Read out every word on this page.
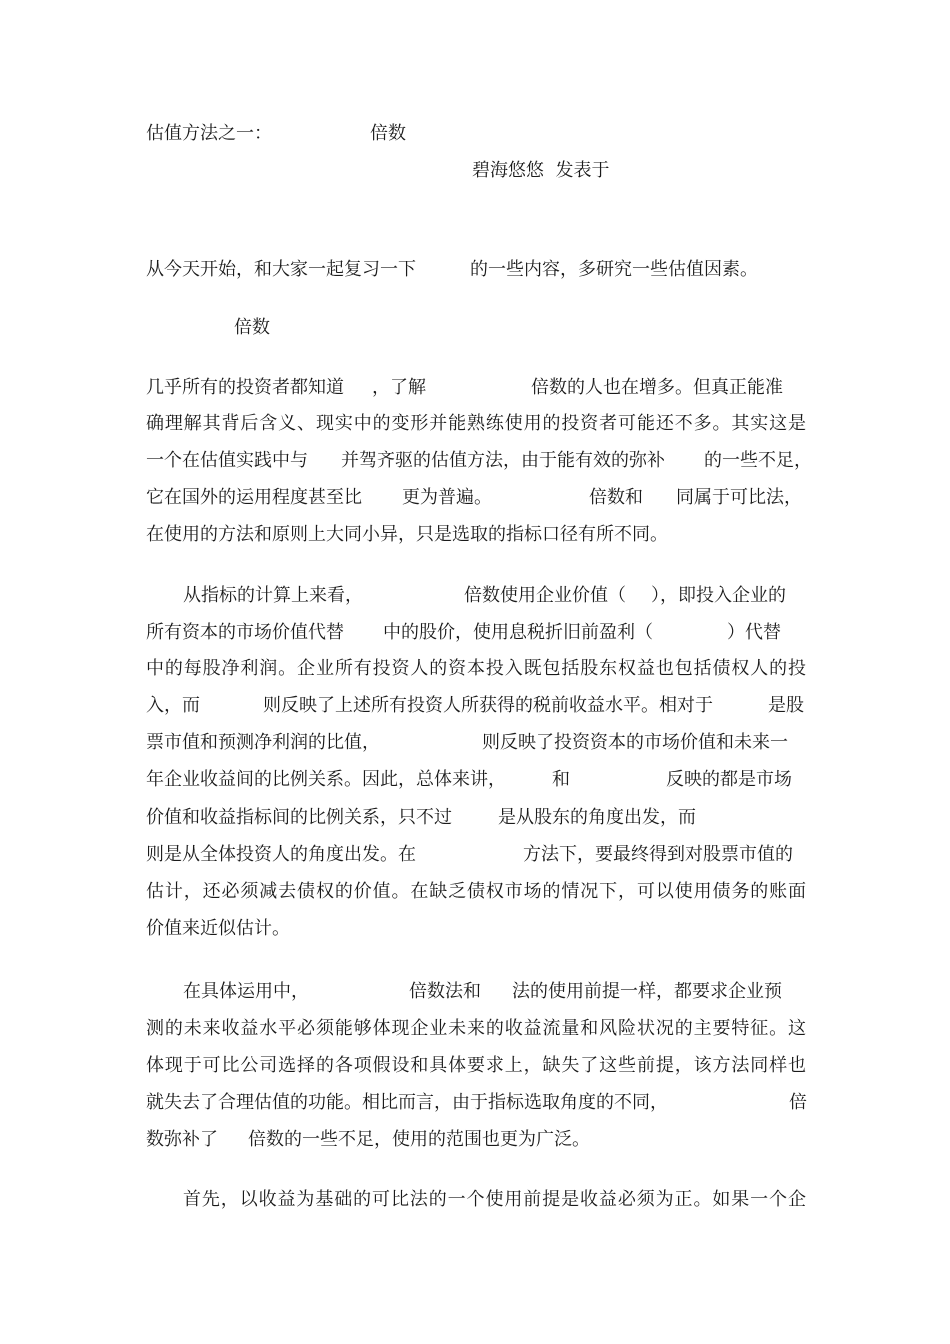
估值方法之一：	倍数
碧海悠悠  发表于
从今天开始，和大家一起复习一下	的一些内容，多研究一些估值因素。
倍数
几乎所有的投资者都知道 ，了解	倍数的人也在增多。但真正能准
确理解其背后含义、现实中的变形并能熟练使用的投资者可能还不多。其实这是
一个在估值实践中与 并驾齐驱的估值方法，由于能有效的弥补 的一些不足，
它在国外的运用程度甚至比 更为普遍。	倍数和 同属于可比法，
在使用的方法和原则上大同小异，只是选取的指标口径有所不同。
从指标的计算上来看，	倍数使用企业价值（ ），即投入企业的
所有资本的市场价值代替 中的股价，使用息税折旧前盈利（	）代替
中的每股净利润。企业所有投资人的资本投入既包括股东权益也包括债权人的投
入，而	则反映了上述所有投资人所获得的税前收益水平。相对于	是股
票市值和预测净利润的比值，	则反映了投资资本的市场价值和未来一
年企业收益间的比例关系。因此，总体来讲，	和	反映的都是市场
价值和收益指标间的比例关系，只不过	是从股东的角度出发，而
则是从全体投资人的角度出发。在	方法下，要最终得到对股票市值的
估计，还必须减去债权的价值。在缺乏债权市场的情况下，可以使用债务的账面
价值来近似估计。
在具体运用中，	倍数法和 法的使用前提一样，都要求企业预
测的未来收益水平必须能够体现企业未来的收益流量和风险状况的主要特征。这
体现于可比公司选择的各项假设和具体要求上，缺失了这些前提，该方法同样也
就失去了合理估值的功能。相比而言，由于指标选取角度的不同，	倍
数弥补了 倍数的一些不足，使用的范围也更为广泛。
首先，以收益为基础的可比法的一个使用前提是收益必须为正。如果一个企
